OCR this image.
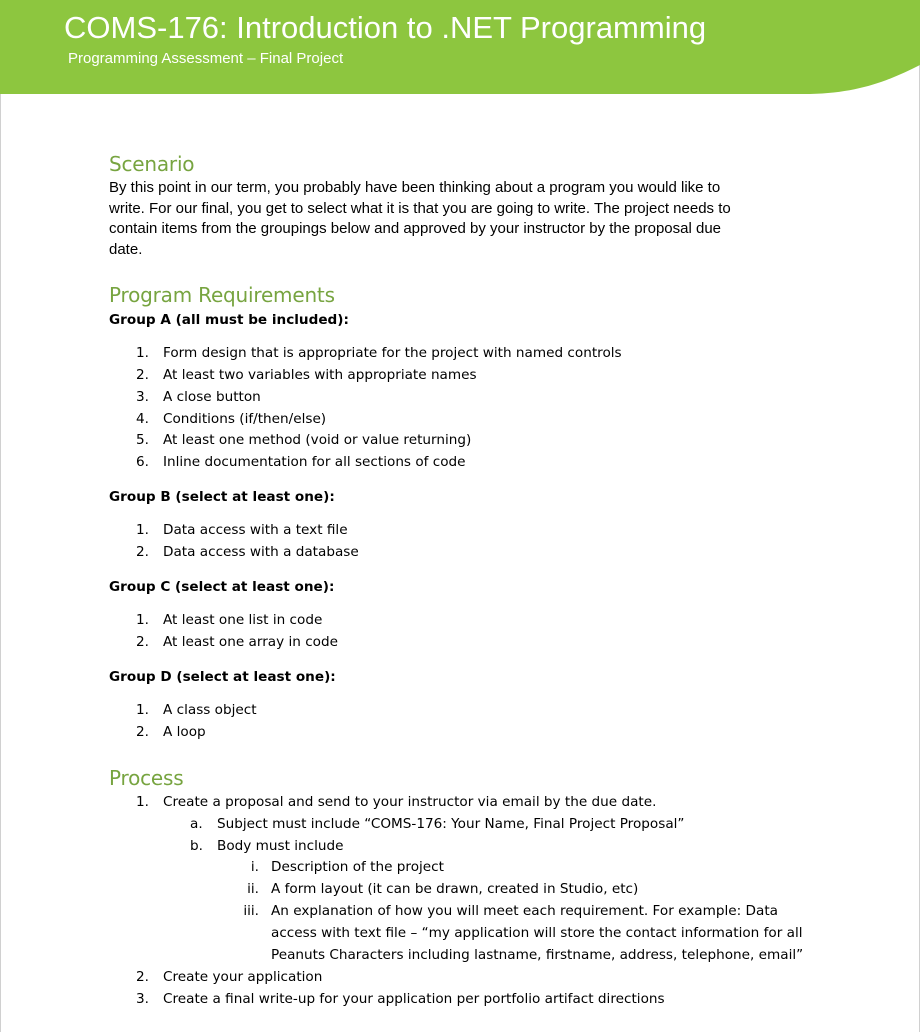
COMS-176: Introduction to .NET Programming
Programming Assessment – Final Project
Scenario

By this point in our term, you probably have been thinking about a program you would like to

write. For our final, you get to select what it is that you are going to write. The project needs to

contain items from the groupings below and approved by your instructor by the proposal due

date.

Program Requirements

Group A (all must be included):

1. Form design that is appropriate for the project with named controls
2. At least two variables with appropriate names
3. A close button
4. Conditions (if/then/else)
5. At least one method (void or value returning)
6. Inline documentation for all sections of code

Group B (select at least one):

1. Data access with a text file
2. Data access with a database

Group C (select at least one):

1. At least one list in code
2. At least one array in code

Group D (select at least one):

1. A class object
2. A loop
Process
1. Create a proposal and send to your instructor via email by the due date.
a. Subject must include “COMS-176: Your Name, Final Project Proposal”
b. Body must include
i. Description of the project
ii. A form layout (it can be drawn, created in Studio, etc)
iii. An explanation of how you will meet each requirement. For example: Data
access with text file – “my application will store the contact information for all
Peanuts Characters including lastname, firstname, address, telephone, email”
2. Create your application
3. Create a final write-up for your application per portfolio artifact directions
